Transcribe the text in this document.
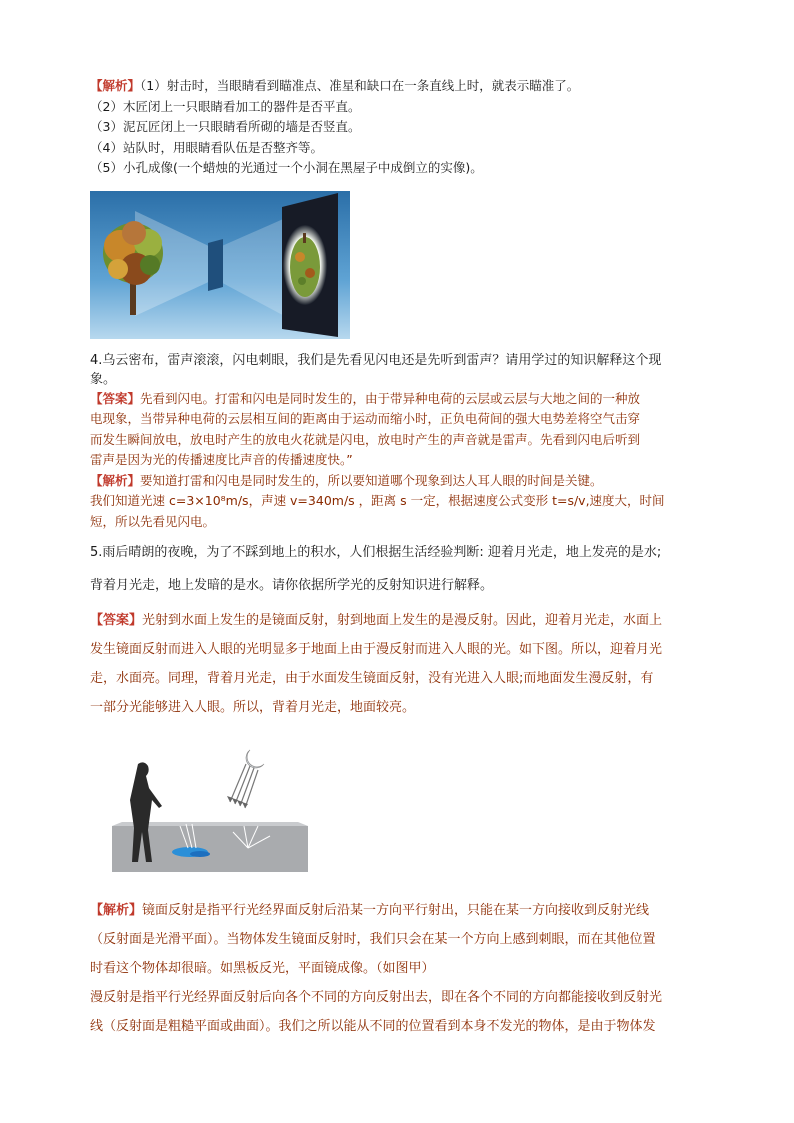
【解析】（1）射击时，当眼睛看到瞄准点、准星和缺口在一条直线上时，就表示瞄准了。
（2）木匠闭上一只眼睛看加工的器件是否平直。
（3）泥瓦匠闭上一只眼睛看所砌的墙是否竖直。
（4）站队时，用眼睛看队伍是否整齐等。
（5）小孔成像(一个蜡烛的光通过一个小洞在黑屋子中成倒立的实像)。
4.乌云密布，雷声滚滚，闪电刺眼，我们是先看见闪电还是先听到雷声？请用学过的知识解释这个现
象。
【答案】先看到闪电。打雷和闪电是同时发生的，由于带异种电荷的云层或云层与大地之间的一种放
电现象，当带异种电荷的云层相互间的距离由于运动而缩小时，正负电荷间的强大电势差将空气击穿
而发生瞬间放电，放电时产生的放电火花就是闪电，放电时产生的声音就是雷声。先看到闪电后听到
雷声是因为光的传播速度比声音的传播速度快。”
【解析】要知道打雷和闪电是同时发生的，所以要知道哪个现象到达人耳人眼的时间是关键。
我们知道光速 c=3×10⁸m/s，声速 v=340m/s ，距离 s 一定，根据速度公式变形 t=s/v,速度大，时间
短，所以先看见闪电。
5.雨后晴朗的夜晚，为了不踩到地上的积水，人们根据生活经验判断: 迎着月光走，地上发亮的是水;
背着月光走，地上发暗的是水。请你依据所学光的反射知识进行解释。
【答案】光射到水面上发生的是镜面反射，射到地面上发生的是漫反射。因此，迎着月光走，水面上
发生镜面反射而进入人眼的光明显多于地面上由于漫反射而进入人眼的光。如下图。所以，迎着月光
走，水面亮。同理，背着月光走，由于水面发生镜面反射，没有光进入人眼;而地面发生漫反射，有
一部分光能够进入人眼。所以，背着月光走，地面较亮。
【解析】镜面反射是指平行光经界面反射后沿某一方向平行射出，只能在某一方向接收到反射光线
（反射面是光滑平面）。当物体发生镜面反射时，我们只会在某一个方向上感到刺眼，而在其他位置
时看这个物体却很暗。如黑板反光，平面镜成像。（如图甲）
漫反射是指平行光经界面反射后向各个不同的方向反射出去，即在各个不同的方向都能接收到反射光
线（反射面是粗糙平面或曲面）。我们之所以能从不同的位置看到本身不发光的物体，是由于物体发
